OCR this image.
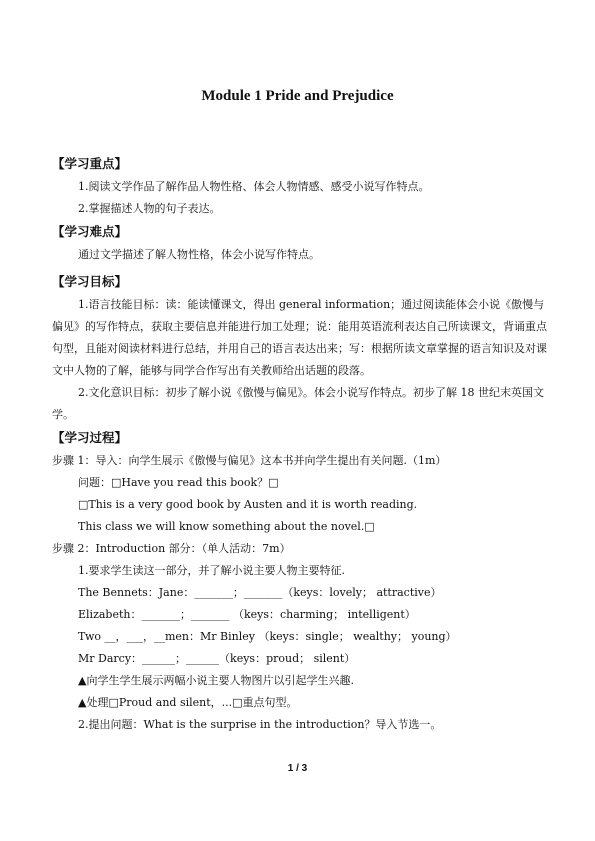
Module 1 Pride and Prejudice
【学习重点】
1.阅读文学作品了解作品人物性格、体会人物情感、感受小说写作特点。
2.掌握描述人物的句子表达。
【学习难点】
通过文学描述了解人物性格，体会小说写作特点。
【学习目标】
1.语言技能目标：读：能读懂课文，得出 general information；通过阅读能体会小说《傲慢与偏见》的写作特点，获取主要信息并能进行加工处理；说：能用英语流利表达自己所读课文，背诵重点句型，且能对阅读材料进行总结，并用自己的语言表达出来；写：根据所读文章掌握的语言知识及对课文中人物的了解，能够与同学合作写出有关教师给出话题的段落。
2.文化意识目标：初步了解小说《傲慢与偏见》。体会小说写作特点。初步了解 18 世纪末英国文学。
【学习过程】
步骤 1：导入：向学生展示《傲慢与偏见》这本书并向学生提出有关问题.（1m）
问题：□Have you read this book？□
□This is a very good book by Austen and it is worth reading.
This class we will know something about the novel.□
步骤 2：Introduction 部分：（单人活动：7m）
1.要求学生读这一部分，并了解小说主要人物主要特征.
The Bennets：Jane：_______；_______（keys：lovely； attractive）
Elizabeth：_______；_______ （keys：charming； intelligent）
Two __，___，__men：Mr Binley （keys：single； wealthy； young）
Mr Darcy：______；______（keys：proud； silent）
▲向学生学生展示两幅小说主要人物图片以引起学生兴趣.
▲处理□Proud and silent，...□重点句型。
2.提出问题：What is the surprise in the introduction？导入节选一。
1 / 3
